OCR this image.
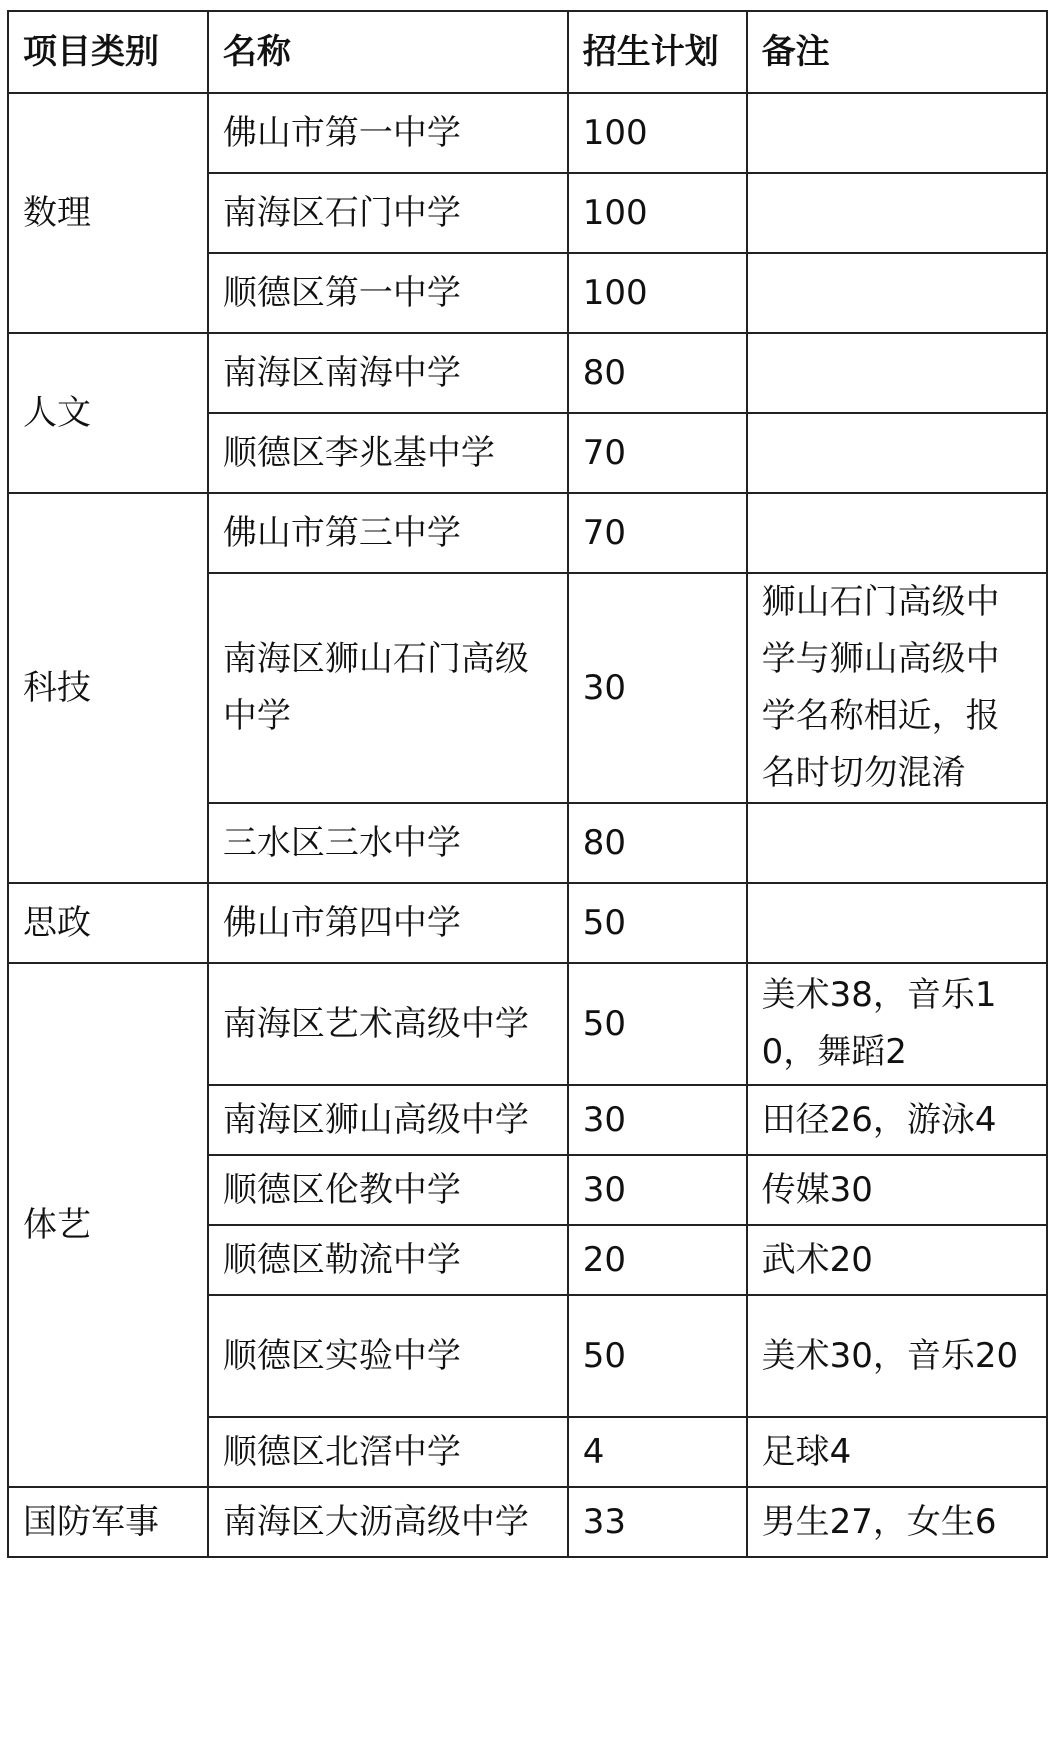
项目类别	名称	招生计划	备注
数理	佛山市第一中学	100	
	南海区石门中学	100	
	顺德区第一中学	100	
人文	南海区南海中学	80	
	顺德区李兆基中学	70	
科技	佛山市第三中学	70	
	南海区狮山石门高级中学	30	狮山石门高级中学与狮山高级中学名称相近，报名时切勿混淆
	三水区三水中学	80	
思政	佛山市第四中学	50	
体艺	南海区艺术高级中学	50	美术38，音乐10，舞蹈2
	南海区狮山高级中学	30	田径26，游泳4
	顺德区伦教中学	30	传媒30
	顺德区勒流中学	20	武术20
	顺德区实验中学	50	美术30，音乐20
	顺德区北滘中学	4	足球4
国防军事	南海区大沥高级中学	33	男生27，女生6
